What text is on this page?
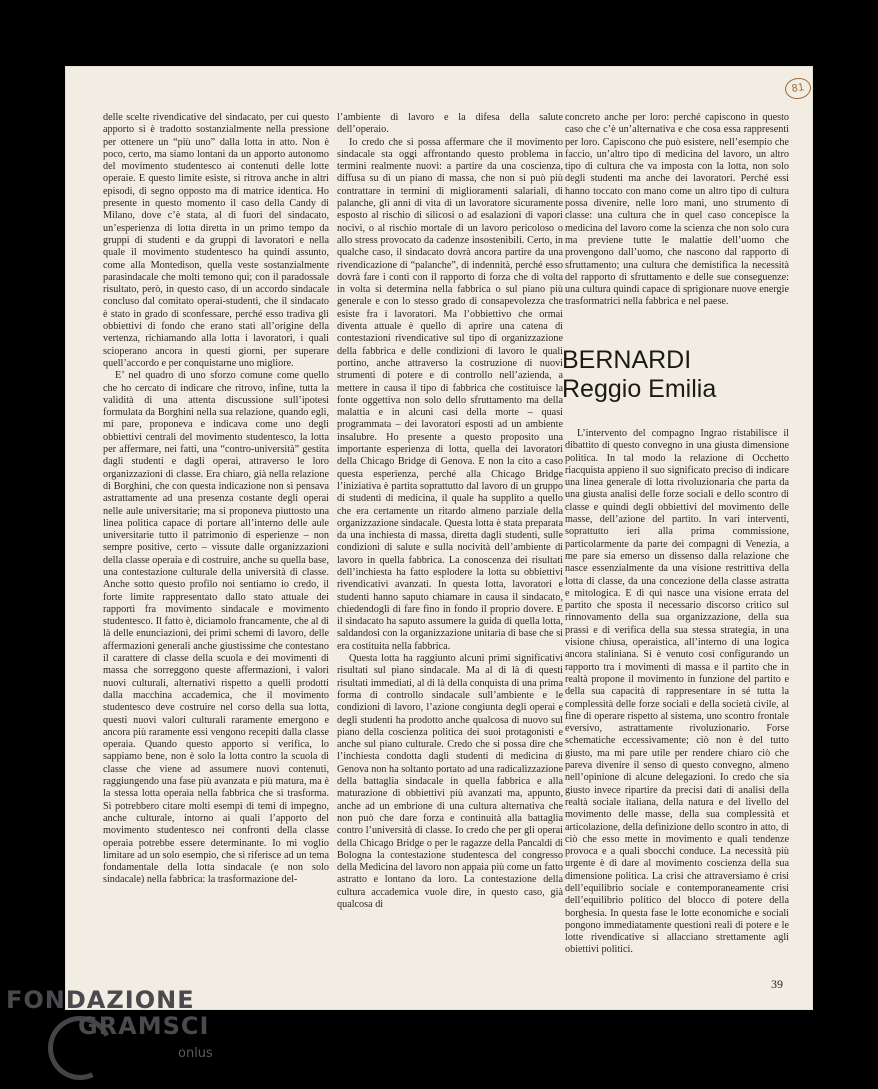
81

delle scelte rivendicative del sindacato, per cui questo apporto si è tradotto sostanzialmente nella pressione per ottenere un “più uno” dalla lotta in atto. Non è poco, certo, ma siamo lontani da un apporto autonomo del movimento studentesco ai contenuti delle lotte operaie. E questo limite esiste, si ritrova anche in altri episodi, di segno opposto ma di matrice identica. Ho presente in questo momento il caso della Candy di Milano, dove c’è stata, al di fuori del sindacato, un’esperienza di lotta diretta in un primo tempo da gruppi di studenti e da gruppi di lavoratori e nella quale il movimento studentesco ha quindi assunto, come alla Montedison, quella veste sostanzialmente parasindacale che molti temono qui; con il paradossale risultato, però, in questo caso, di un accordo sindacale concluso dal comitato operai-studenti, che il sindacato è stato in grado di sconfessare, perché esso tradiva gli obbiettivi di fondo che erano stati all’origine della vertenza, richiamando alla lotta i lavoratori, i quali scioperano ancora in questi giorni, per superare quell’accordo e per conquistarne uno migliore.

E’ nel quadro di uno sforzo comune come quello che ho cercato di indicare che ritrovo, infine, tutta la validità di una attenta discussione sull’ipotesi formulata da Borghini nella sua relazione, quando egli, mi pare, proponeva e indicava come uno degli obbiettivi centrali del movimento studentesco, la lotta per affermare, nei fatti, una “contro-università” gestita dagli studenti e dagli operai, attraverso le loro organizzazioni di classe. Era chiaro, già nella relazione di Borghini, che con questa indicazione non si pensava astrattamente ad una presenza costante degli operai nelle aule universitarie; ma si proponeva piuttosto una linea politica capace di portare all’interno delle aule universitarie tutto il patrimonio di esperienze – non sempre positive, certo – vissute dalle organizzazioni della classe operaia e di costruire, anche su quella base, una contestazione culturale della università di classe. Anche sotto questo profilo noi sentiamo io credo, il forte limite rappresentato dallo stato attuale dei rapporti fra movimento sindacale e movimento studentesco. Il fatto è, diciamolo francamente, che al di là delle enunciazioni, dei primi schemi di lavoro, delle affermazioni generali anche giustissime che contestano il carattere di classe della scuola e dei movimenti di massa che sorreggono queste affermazioni, i valori nuovi culturali, alternativi rispetto a quelli prodotti dalla macchina accademica, che il movimento studentesco deve costruire nel corso della sua lotta, questi nuovi valori culturali raramente emergono e ancora più raramente essi vengono recepiti dalla classe operaia. Quando questo apporto si verifica, lo sappiamo bene, non è solo la lotta contro la scuola di classe che viene ad assumere nuovi contenuti, raggiungendo una fase più avanzata e più matura, ma è la stessa lotta operaia nella fabbrica che si trasforma. Si potrebbero citare molti esempi di temi di impegno, anche culturale, intorno ai quali l’apporto del movimento studentesco nei confronti della classe operaia potrebbe essere determinante. Io mi voglio limitare ad un solo esempio, che si riferisce ad un tema fondamentale della lotta sindacale (e non solo sindacale) nella fabbrica: la trasformazione del-

l’ambiente di lavoro e la difesa della salute dell’operaio.

Io credo che si possa affermare che il movimento sindacale sta oggi affrontando questo problema in termini realmente nuovi: a partire da una coscienza, diffusa su di un piano di massa, che non si può più contrattare in termini di miglioramenti salariali, di palanche, gli anni di vita di un lavoratore sicuramente esposto al rischio di silicosi o ad esalazioni di vapori nocivi, o al rischio mortale di un lavoro pericoloso o allo stress provocato da cadenze insostenibili. Certo, in qualche caso, il sindacato dovrà ancora partire da una rivendicazione di “palanche”, di indennità, perché esso dovrà fare i conti con il rapporto di forza che di volta in volta si determina nella fabbrica o sul piano più generale e con lo stesso grado di consapevolezza che esiste fra i lavoratori. Ma l’obbiettivo che ormai diventa attuale è quello di aprire una catena di contestazioni rivendicative sul tipo di organizzazione della fabbrica e delle condizioni di lavoro le quali portino, anche attraverso la costruzione di nuovi strumenti di potere e di controllo nell’azienda, a mettere in causa il tipo di fabbrica che costituisce la fonte oggettiva non solo dello sfruttamento ma della malattia e in alcuni casi della morte – quasi programmata – dei lavoratori esposti ad un ambiente insalubre. Ho presente a questo proposito una importante esperienza di lotta, quella dei lavoratori della Chicago Bridge di Genova. E non la cito a caso questa esperienza, perché alla Chicago Bridge l’iniziativa è partita soprattutto dal lavoro di un gruppo di studenti di medicina, il quale ha supplito a quello che era certamente un ritardo almeno parziale della organizzazione sindacale. Questa lotta è stata preparata da una inchiesta di massa, diretta dagli studenti, sulle condizioni di salute e sulla nocività dell’ambiente di lavoro in quella fabbrica. La conoscenza dei risultati dell’inchiesta ha fatto esplodere la lotta su obbiettivi rivendicativi avanzati. In questa lotta, lavoratori e studenti hanno saputo chiamare in causa il sindacato, chiedendogli di fare fino in fondo il proprio dovere. E il sindacato ha saputo assumere la guida di quella lotta, saldandosi con la organizzazione unitaria di base che si era costituita nella fabbrica.

Questa lotta ha raggiunto alcuni primi significativi risultati sul piano sindacale. Ma al di là di questi risultati immediati, al di là della conquista di una prima forma di controllo sindacale sull’ambiente e le condizioni di lavoro, l’azione congiunta degli operai e degli studenti ha prodotto anche qualcosa di nuovo sul piano della coscienza politica dei suoi protagonisti e anche sul piano culturale. Credo che si possa dire che l’inchiesta condotta dagli studenti di medicina di Genova non ha soltanto portato ad una radicalizzazione della battaglia sindacale in quella fabbrica e alla maturazione di obbiettivi più avanzati ma, appunto, anche ad un embrione di una cultura alternativa che non può che dare forza e continuità alla battaglia contro l’università di classe. Io credo che per gli operai della Chicago Bridge o per le ragazze della Pancaldi di Bologna la contestazione studentesca del congresso della Medicina del lavoro non appaia più come un fatto astratto e lontano da loro. La contestazione della cultura accademica vuole dire, in questo caso, già qualcosa di

concreto anche per loro: perché capiscono in questo caso che c’è un’alternativa e che cosa essa rappresenti per loro. Capiscono che può esistere, nell’esempio che faccio, un’altro tipo di medicina del lavoro, un altro tipo di cultura che va imposta con la lotta, non solo degli studenti ma anche dei lavoratori. Perché essi hanno toccato con mano come un altro tipo di cultura possa divenire, nelle loro mani, uno strumento di classe: una cultura che in quel caso concepisce la medicina del lavoro come la scienza che non solo cura ma previene tutte le malattie dell’uomo che provengono dall’uomo, che nascono dal rapporto di sfruttamento; una cultura che demistifica la necessità del rapporto di sfruttamento e delle sue conseguenze: una cultura quindi capace di sprigionare nuove energie trasformatrici nella fabbrica e nel paese.

BERNARDI
Reggio Emilia

L’intervento del compagno Ingrao ristabilisce il dibattito di questo convegno in una giusta dimensione politica. In tal modo la relazione di Occhetto riacquista appieno il suo significato preciso di indicare una linea generale di lotta rivoluzionaria che parta da una giusta analisi delle forze sociali e dello scontro di classe e quindi degli obbiettivi del movimento delle masse, dell’azione del partito. In vari interventi, soprattutto ieri alla prima commissione, particolarmente da parte dei compagni di Venezia, a me pare sia emerso un dissenso dalla relazione che nasce essenzialmente da una visione restrittiva della lotta di classe, da una concezione della classe astratta e mitologica. E di qui nasce una visione errata del partito che sposta il necessario discorso critico sul rinnovamento della sua organizzazione, della sua prassi e di verifica della sua stessa strategia, in una visione chiusa, operaistica, all’interno di una logica ancora staliniana. Si è venuto così configurando un rapporto tra i movimenti di massa e il partito che in realtà propone il movimento in funzione del partito e della sua capacità di rappresentare in sé tutta la complessità delle forze sociali e della società civile, al fine di operare rispetto al sistema, uno scontro frontale eversivo, astrattamente rivoluzionario. Forse schematiche eccessivamente; ciò non è del tutto giusto, ma mi pare utile per rendere chiaro ciò che pareva divenire il senso di questo convegno, almeno nell’opinione di alcune delegazioni. Io credo che sia giusto invece ripartire da precisi dati di analisi della realtà sociale italiana, della natura e del livello del movimento delle masse, della sua complessità et articolazione, della definizione dello scontro in atto, di ciò che esso mette in movimento e quali tendenze provoca e a quali sbocchi conduce. La necessità più urgente è di dare al movimento coscienza della sua dimensione politica. La crisi che attraversiamo è crisi dell’equilibrio sociale e contemporaneamente crisi dell’equilibrio politico del blocco di potere della borghesia. In questa fase le lotte economiche e sociali pongono immediatamente questioni reali di potere e le lotte rivendicative si allacciano strettamente agli obiettivi politici.

39
FONDAZIONE
GRAMSCI
onlus
